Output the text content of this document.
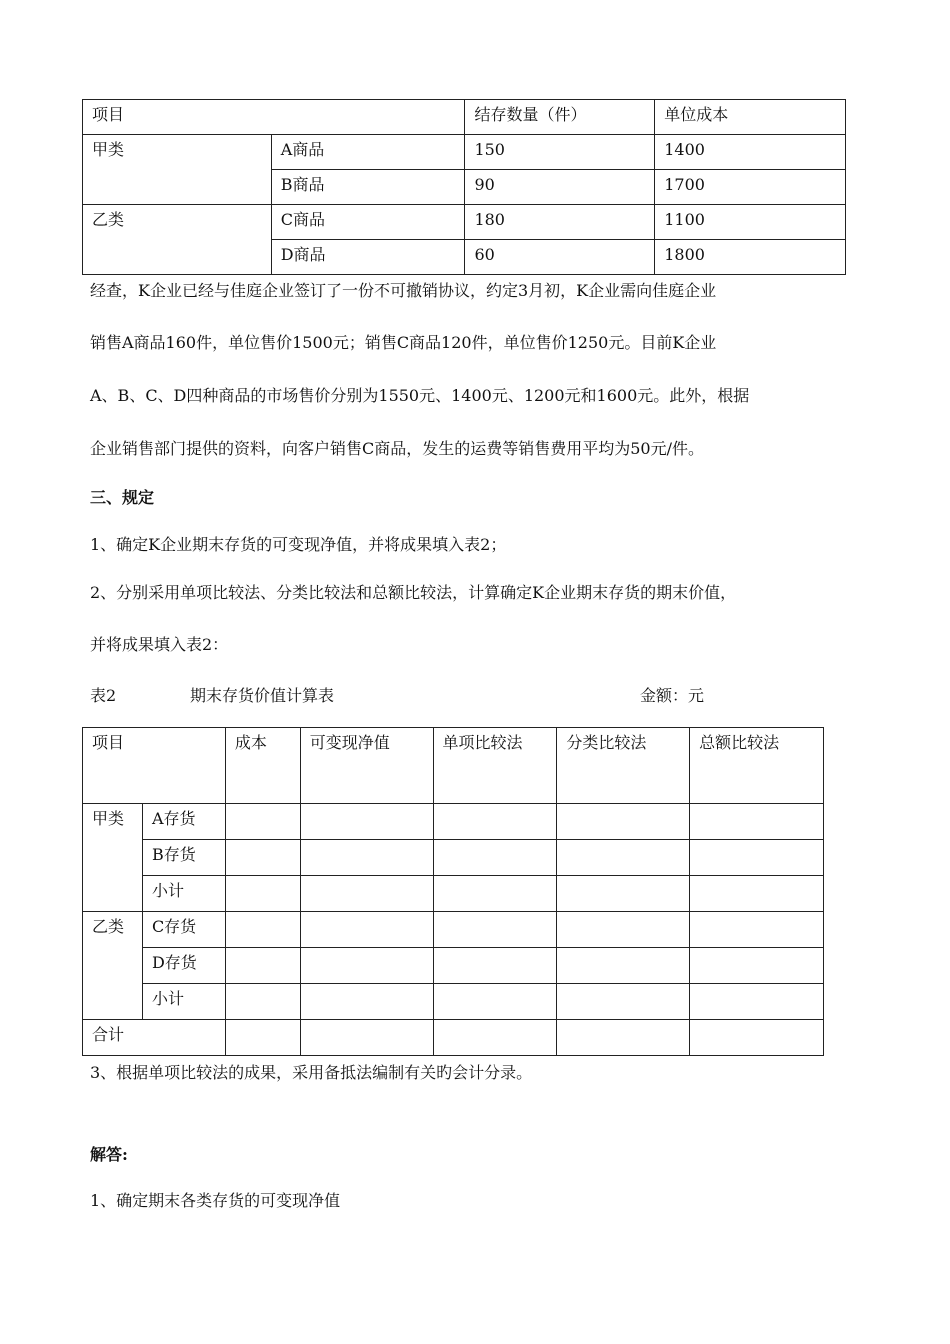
项目		结存数量（件）	单位成本
甲类	A商品	150	1400
	B商品	90	1700
乙类	C商品	180	1100
	D商品	60	1800

经查，K企业已经与佳庭企业签订了一份不可撤销协议，约定3月初，K企业需向佳庭企业

销售A商品160件，单位售价1500元；销售C商品120件，单位售价1250元。目前K企业

A、B、C、D四种商品的市场售价分别为1550元、1400元、1200元和1600元。此外，根据

企业销售部门提供的资料，向客户销售C商品，发生的运费等销售费用平均为50元/件。

三、规定

1、确定K企业期末存货的可变现净值，并将成果填入表2；

2、分别采用单项比较法、分类比较法和总额比较法，计算确定K企业期末存货的期末价值，

并将成果填入表2：

表2	期末存货价值计算表	金额：元
项目		成本	可变现净值	单项比较法	分类比较法	总额比较法
甲类	A存货					
	B存货					
	小计					
乙类	C存货					
	D存货					
	小计					
合计						

3、根据单项比较法的成果，采用备抵法编制有关旳会计分录。

解答:

1、确定期末各类存货的可变现净值
